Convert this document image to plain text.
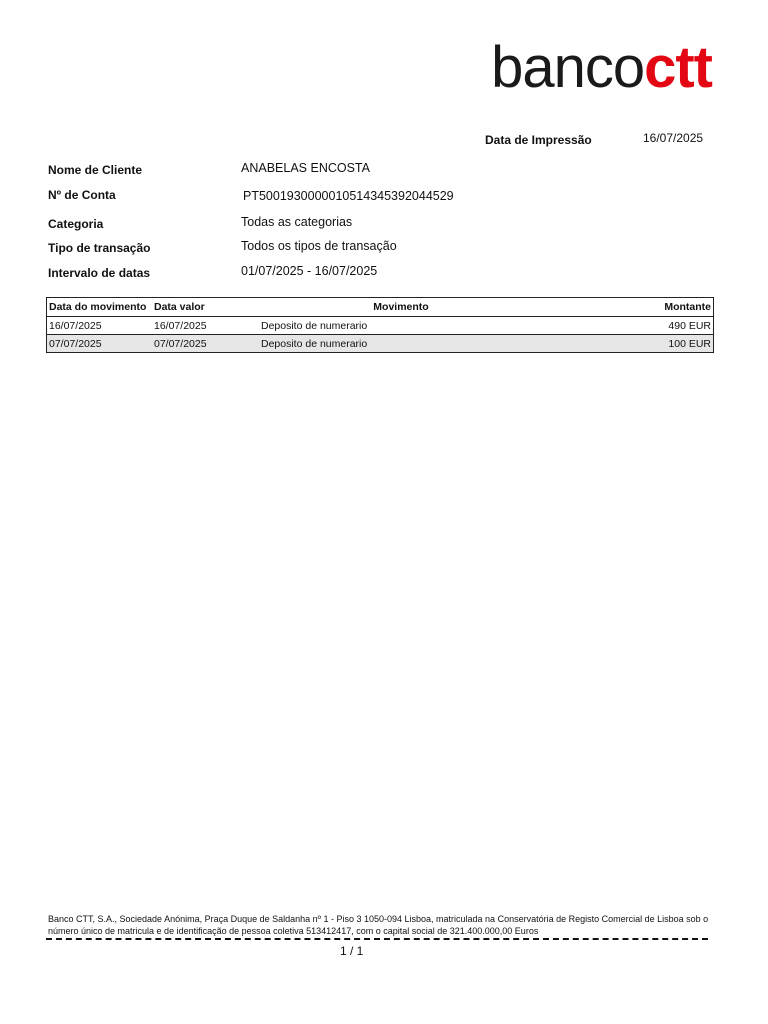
bancoctt
Data de Impressão	16/07/2025
Nome de Cliente	ANABELAS ENCOSTA
Nº de Conta	PT5001930000010514345392044529
Categoria	Todas as categorias
Tipo de transação	Todos os tipos de transação
Intervalo de datas	01/07/2025 - 16/07/2025
Data do movimento	Data valor	Movimento	Montante
16/07/2025	16/07/2025	Deposito de numerario	490 EUR
07/07/2025	07/07/2025	Deposito de numerario	100 EUR
Banco CTT, S.A., Sociedade Anónima, Praça Duque de Saldanha nº 1 - Piso 3 1050-094 Lisboa, matriculada na Conservatória de Registo Comercial de Lisboa sob o número único de matricula e de identificação de pessoa coletiva 513412417, com o capital social de 321.400.000,00 Euros
1 / 1
